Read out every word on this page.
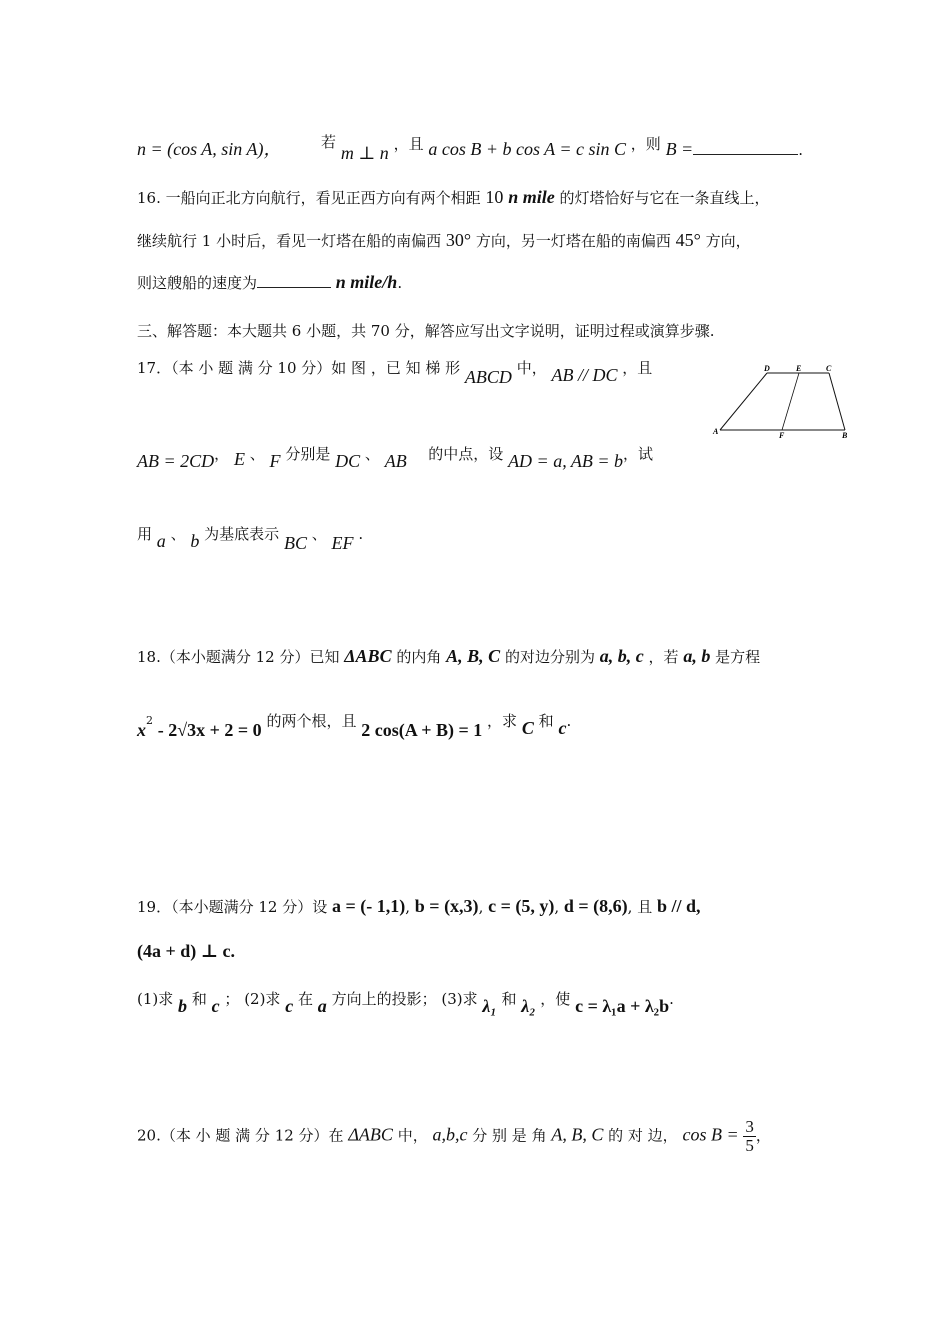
n = (cos A, sin A)，	若 m ⊥ n ，且 a cos B + b cos A = c sin C ，则 B =	.
16. 一船向正北方向航行，看见正西方向有两个相距 10 n mile 的灯塔恰好与它在一条直线上，
继续航行 1 小时后，看见一灯塔在船的南偏西 30° 方向，另一灯塔在船的南偏西 45° 方向，
则这艘船的速度为	n mile/h.
三、解答题：本大题共 6 小题，共 70 分，解答应写出文字说明，证明过程或演算步骤.
17．（本 小 题 满 分 10 分）如 图 ，已 知 梯 形 ABCD 中， AB // DC ，且
AB = 2CD， E 、 F 分别是 DC 、 AB 的中点，设 AD = a, AB = b，试
用 a 、 b 为基底表示 BC 、 EF .
D	E	C
A	F	B
18.（本小题满分 12 分）已知 ΔABC 的内角 A, B, C 的对边分别为 a, b, c ，若 a, b 是方程
$x^2 - 2√3x + 2 = 0$ 的两个根，且 2 cos(A + B) = 1 ，求 C 和 c.
19．（本小题满分 12 分）设 a = (- 1,1), b = (x,3), c = (5, y), d = (8,6), 且 b // d,
(4a + d) ⊥ c.
(1)求 b 和 c ； (2)求 c 在 a 方向上的投影； (3)求 λ₁ 和 λ₂ ，使 c = λ₁a + λ₂b.
20.（本 小 题 满 分 12 分）在 ΔABC 中， a,b,c 分 别 是 角 A, B, C 的 对 边， $\cos B = \frac{3}{5}$ ，
